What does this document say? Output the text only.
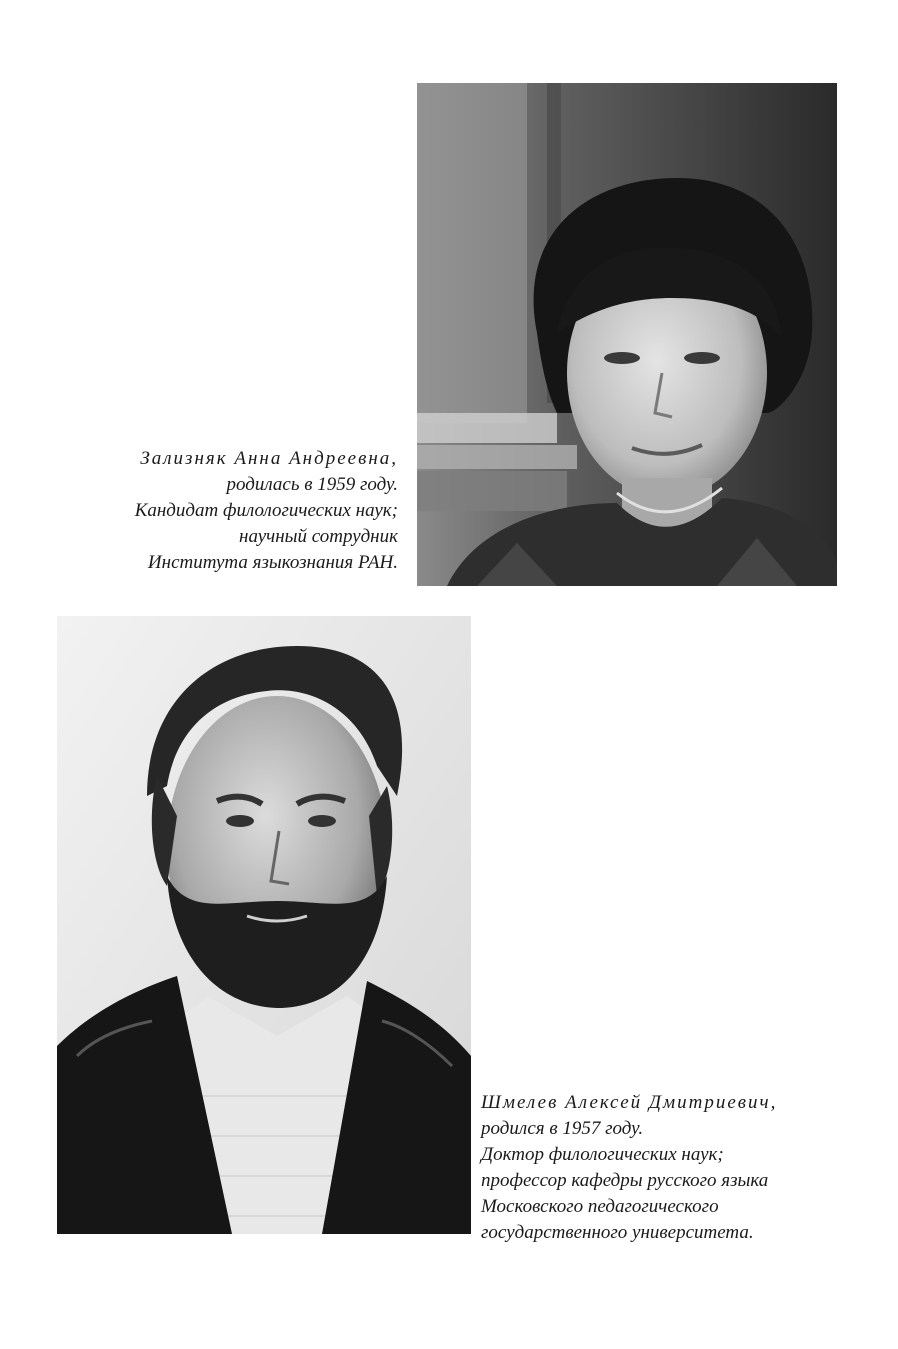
Зализняк Анна Андреевна,
родилась в 1959 году.
Кандидат филологических наук;
научный сотрудник
Института языкознания РАН.
Шмелев Алексей Дмитриевич,
родился в 1957 году.
Доктор филологических наук;
профессор кафедры русского языка
Московского педагогического
государственного университета.
